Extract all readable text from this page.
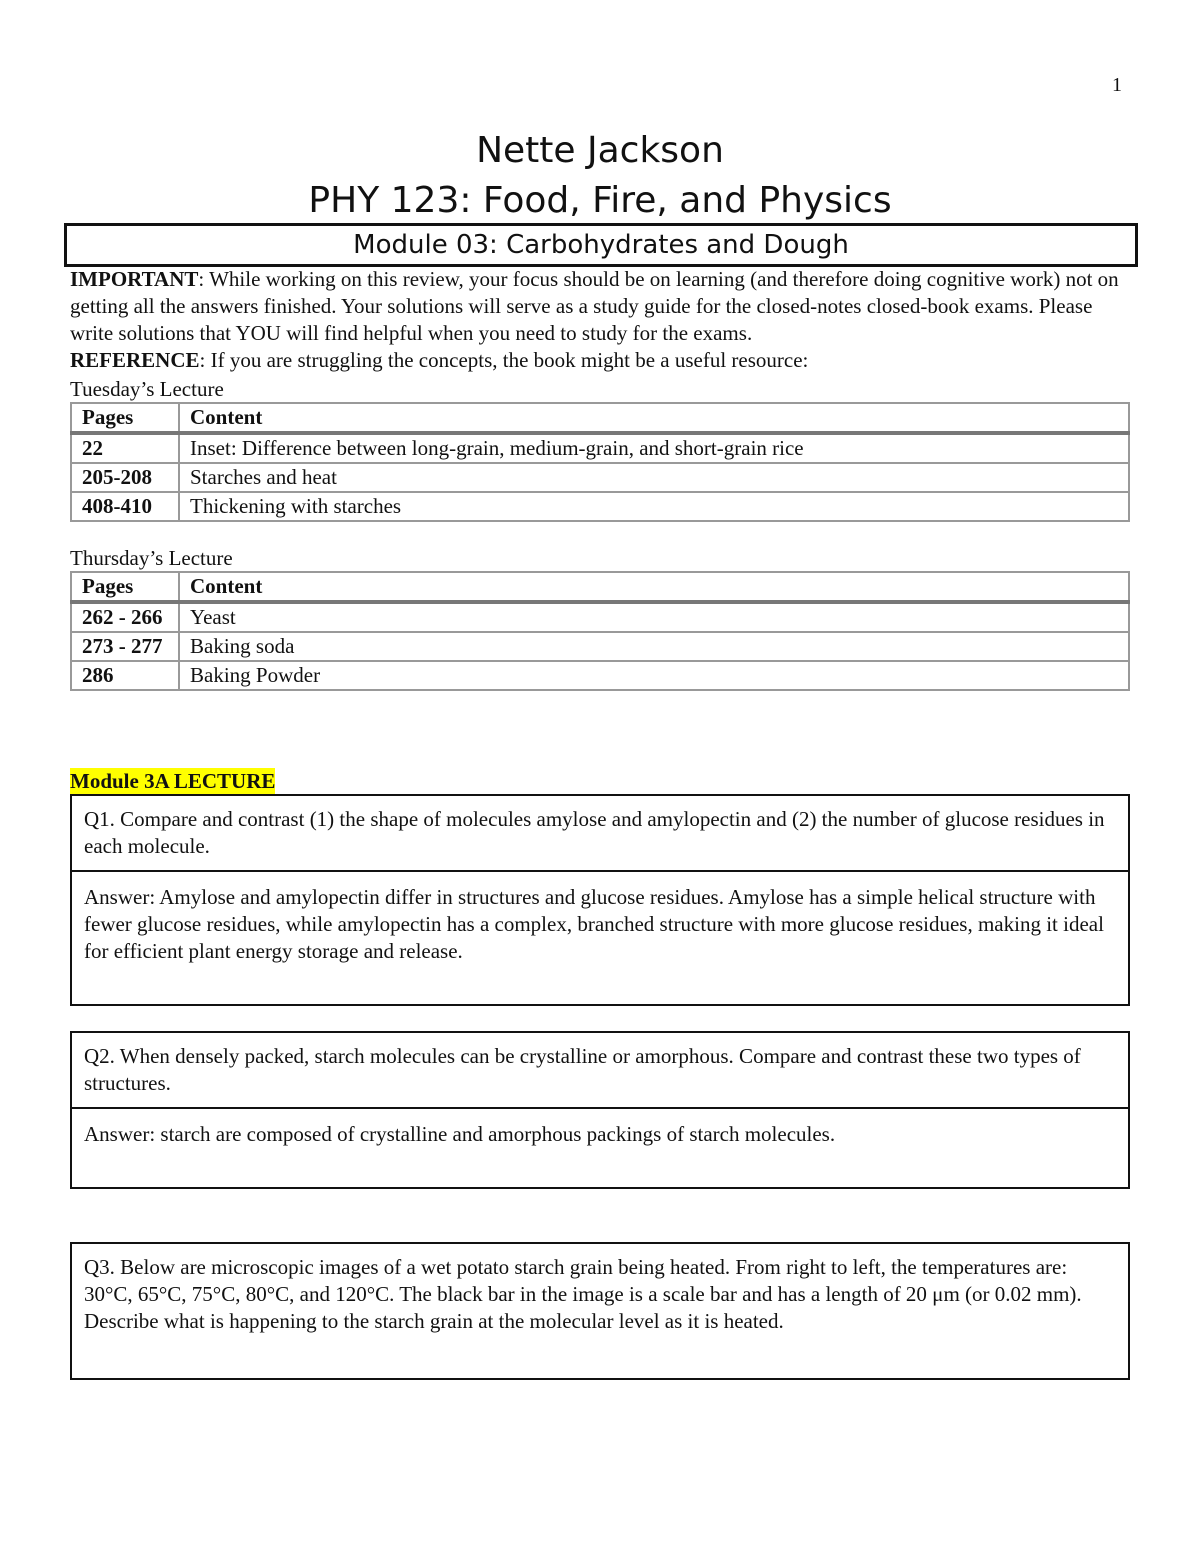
1
Nette Jackson
PHY 123: Food, Fire, and Physics
Module 03: Carbohydrates and Dough

IMPORTANT: While working on this review, your focus should be on learning (and therefore doing cognitive work) not on getting all the answers finished. Your solutions will serve as a study guide for the closed-notes closed-book exams. Please write solutions that YOU will find helpful when you need to study for the exams.

REFERENCE: If you are struggling the concepts, the book might be a useful resource:

Tuesday’s Lecture
Pages	Content
22	Inset: Difference between long-grain, medium-grain, and short-grain rice
205-208	Starches and heat
408-410	Thickening with starches
Thursday’s Lecture
Pages	Content
262 - 266	Yeast
273 - 277	Baking soda
286	Baking Powder
Module 3A LECTURE
Q1. Compare and contrast (1) the shape of molecules amylose and amylopectin and (2) the number of glucose residues in each molecule.
Answer: Amylose and amylopectin differ in structures and glucose residues. Amylose has a simple helical structure with fewer glucose residues, while amylopectin has a complex, branched structure with more glucose residues, making it ideal for efficient plant energy storage and release.
Q2. When densely packed, starch molecules can be crystalline or amorphous. Compare and contrast these two types of structures.
Answer: starch are composed of crystalline and amorphous packings of starch molecules.
Q3. Below are microscopic images of a wet potato starch grain being heated. From right to left, the temperatures are: 30°C, 65°C, 75°C, 80°C, and 120°C. The black bar in the image is a scale bar and has a length of 20 μm (or 0.02 mm). Describe what is happening to the starch grain at the molecular level as it is heated.
